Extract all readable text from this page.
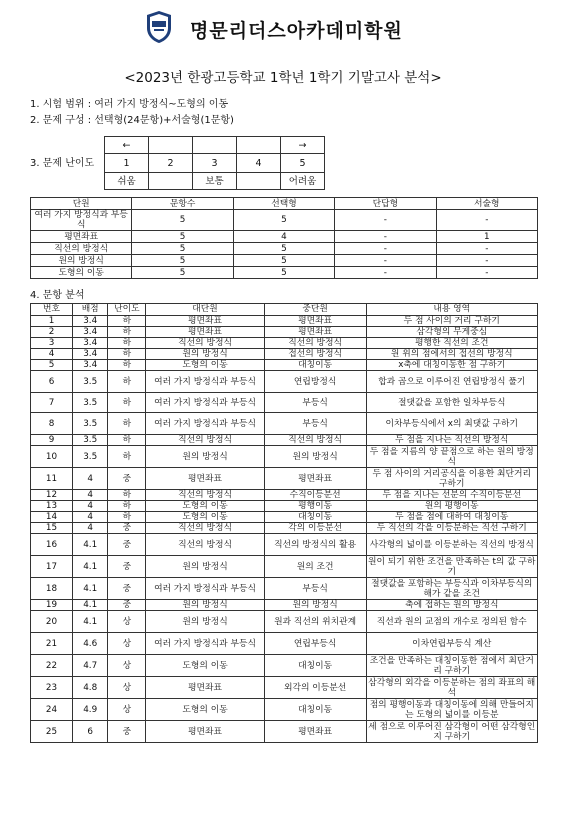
명문리더스아카데미학원
<2023년 한광고등학교 1학년 1학기 기말고사 분석>
1. 시험 범위 : 여러 가지 방정식~도형의 이동
2. 문제 구성 : 선택형(24문항)+서술형(1문항)
3. 문제 난이도
←				→
1	2	3	4	5
쉬움		보통		어려움
단원	문항수	선택형	단답형	서술형
여러 가지 방정식과 부등식	5	5	-	-
평면좌표	5	4	-	1
직선의 방정식	5	5	-	-
원의 방정식	5	5	-	-
도형의 이동	5	5	-	-
4. 문항 분석
번호	배점	난이도	대단원	중단원	내용 영역
1	3.4	하	평면좌표	평면좌표	두 점 사이의 거리 구하기
2	3.4	하	평면좌표	평면좌표	삼각형의 무게중심
3	3.4	하	직선의 방정식	직선의 방정식	평행한 직선의 조건
4	3.4	하	원의 방정식	접선의 방정식	원 위의 점에서의 접선의 방정식
5	3.4	하	도형의 이동	대칭이동	x축에 대칭이동한 점 구하기
6	3.5	하	여러 가지 방정식과 부등식	연립방정식	합과 곱으로 이루어진 연립방정식 풀기
7	3.5	하	여러 가지 방정식과 부등식	부등식	절댓값을 포함한 일차부등식
8	3.5	하	여러 가지 방정식과 부등식	부등식	이차부등식에서 x의 최댓값 구하기
9	3.5	하	직선의 방정식	직선의 방정식	두 점을 지나는 직선의 방정식
10	3.5	하	원의 방정식	원의 방정식	두 점을 지름의 양 끝점으로 하는 원의 방정식
11	4	중	평면좌표	평면좌표	두 점 사이의 거리공식을 이용한 최단거리 구하기
12	4	하	직선의 방정식	수직이등분선	두 점을 지나는 선분의 수직이등분선
13	4	하	도형의 이동	평행이동	원의 평행이동
14	4	하	도형의 이동	대칭이동	두 점을 점에 대하여 대칭이동
15	4	중	직선의 방정식	각의 이등분선	두 직선의 각을 이등분하는 직선 구하기
16	4.1	중	직선의 방정식	직선의 방정식의 활용	사각형의 넓이를 이등분하는 직선의 방정식
17	4.1	중	원의 방정식	원의 조건	원이 되기 위한 조건을 만족하는 t의 값 구하기
18	4.1	중	여러 가지 방정식과 부등식	부등식	절댓값을 포함하는 부등식과 이차부등식의 해가 같을 조건
19	4.1	중	원의 방정식	원의 방정식	축에 접하는 원의 방정식
20	4.1	상	원의 방정식	원과 직선의 위치관계	직선과 원의 교점의 개수로 정의된 함수
21	4.6	상	여러 가지 방정식과 부등식	연립부등식	이차연립부등식 계산
22	4.7	상	도형의 이동	대칭이동	조건을 만족하는 대칭이동한 점에서 최단거리 구하기
23	4.8	상	평면좌표	외각의 이등분선	삼각형의 외각을 이등분하는 점의 좌표의 해석
24	4.9	상	도형의 이동	대칭이동	점의 평행이동과 대칭이동에 의해 만들어지는 도형의 넓이를 이등분
25	6	중	평면좌표	평면좌표	세 점으로 이루어진 삼각형이 어떤 삼각형인지 구하기
